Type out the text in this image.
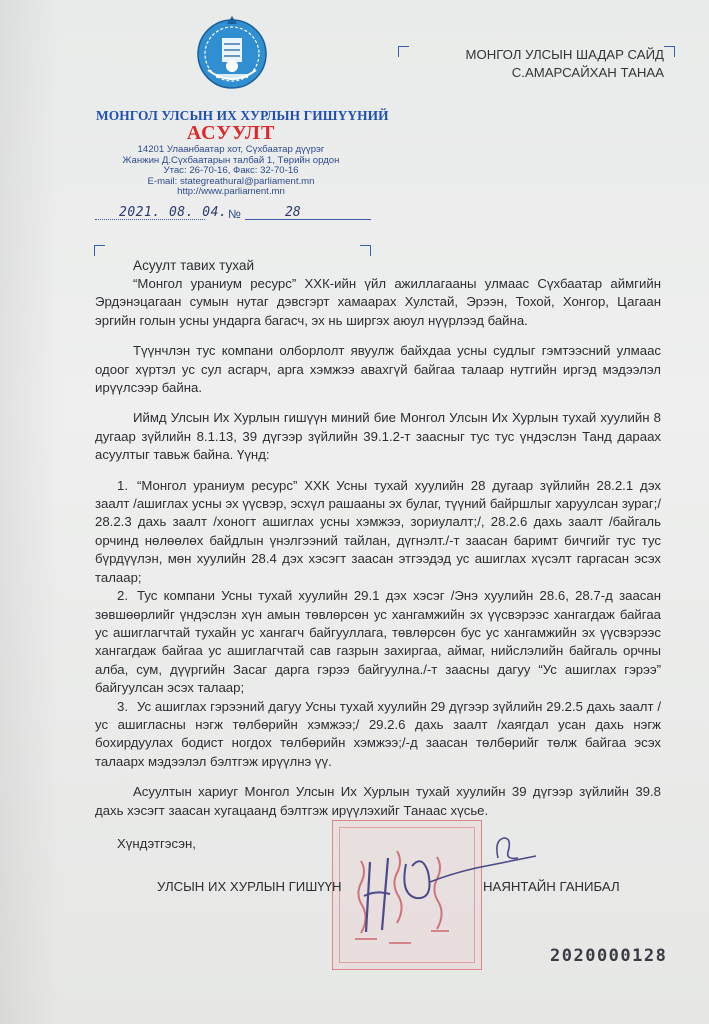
МОНГОЛ УЛСЫН ИХ ХУРЛЫН ГИШҮҮНИЙ
АСУУЛТ
14201 Улаанбаатар хот, Сүхбаатар дүүрэг
Жанжин Д.Сүхбаатарын талбай 1, Төрийн ордон
Утас: 26-70-16, Факс: 32-70-16
E-mail: stategreathural@parliament.mn
http://www.parliament.mn
2021. 08. 04. №	28
МОНГОЛ УЛСЫН ШАДАР САЙД
С.АМАРСАЙХАН ТАНАА
Асуулт тавих тухай

“Монгол ураниум ресурс” ХХК-ийн үйл ажиллагааны улмаас Сүхбаатар аймгийн Эрдэнэцагаан сумын нутаг дэвсгэрт хамаарах Хулстай, Эрээн, Тохой, Хонгор, Цагаан эргийн голын усны ундарга багасч, эх нь ширгэх аюул нүүрлээд байна.

Түүнчлэн тус компани олборлолт явуулж байхдаа усны судлыг гэмтээсний улмаас одоог хүртэл ус сул асгарч, арга хэмжээ авахгүй байгаа талаар нутгийн иргэд мэдээлэл ирүүлсээр байна.

Иймд Улсын Их Хурлын гишүүн миний бие Монгол Улсын Их Хурлын тухай хуулийн 8 дугаар зүйлийн 8.1.13, 39 дүгээр зүйлийн 39.1.2-т заасныг тус тус үндэслэн Танд дараах асуултыг тавьж байна. Үүнд:

1. “Монгол ураниум ресурс” ХХК Усны тухай хуулийн 28 дугаар зүйлийн 28.2.1 дэх заалт /ашиглах усны эх үүсвэр, эсхүл рашааны эх булаг, түүний байршлыг харуулсан зураг;/ 28.2.3 дахь заалт /хоногт ашиглах усны хэмжээ, зориулалт;/, 28.2.6 дахь заалт /байгаль орчинд нөлөөлөх байдлын үнэлгээний тайлан, дүгнэлт./-т заасан баримт бичгийг тус тус бүрдүүлэн, мөн хуулийн 28.4 дэх хэсэгт заасан этгээдэд ус ашиглах хүсэлт гаргасан эсэх талаар;
2. Тус компани Усны тухай хуулийн 29.1 дэх хэсэг /Энэ хуулийн 28.6, 28.7-д заасан зөвшөөрлийг үндэслэн хүн амын төвлөрсөн ус хангамжийн эх үүсвэрээс хангагдаж байгаа ус ашиглагчтай тухайн ус хангагч байгууллага, төвлөрсөн бус ус хангамжийн эх үүсвэрээс хангагдаж байгаа ус ашиглагчтай сав газрын захиргаа, аймаг, нийслэлийн байгаль орчны алба, сум, дүүргийн Засаг дарга гэрээ байгуулна./-т заасны дагуу “Ус ашиглах гэрээ” байгуулсан эсэх талаар;
3. Ус ашиглах гэрээний дагуу Усны тухай хуулийн 29 дүгээр зүйлийн 29.2.5 дахь заалт /ус ашигласны нэгж төлбөрийн хэмжээ;/ 29.2.6 дахь заалт /хаягдал усан дахь нэгж бохирдуулах бодист ногдох төлбөрийн хэмжээ;/-д заасан төлбөрийг төлж байгаа эсэх талаарх мэдээлэл бэлтгэж ирүүлнэ үү.

Асуултын хариуг Монгол Улсын Их Хурлын тухай хуулийн 39 дүгээр зүйлийн 39.8 дахь хэсэгт заасан хугацаанд бэлтгэж ирүүлэхийг Танаас хүсье.

Хүндэтгэсэн,
УЛСЫН ИХ ХУРЛЫН ГИШҮҮН	НАЯНТАЙН ГАНИБАЛ
2020000128
